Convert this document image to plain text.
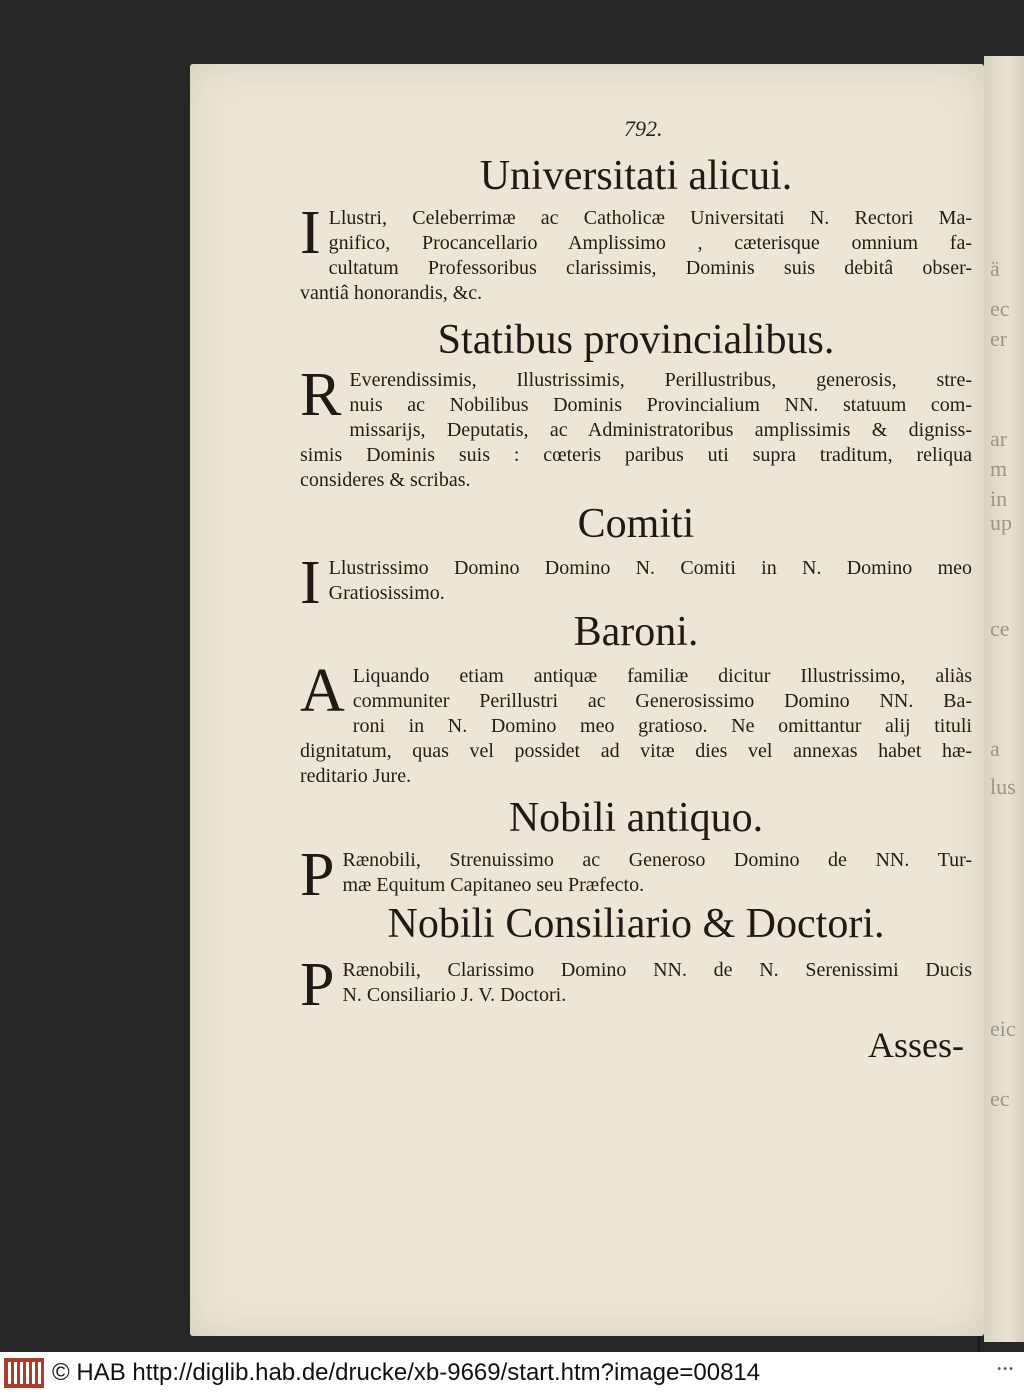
ä
ec
er
ar
m
in
up
ce
a
lus
eic
ec
792.
Universitati alicui.
I Llustri, Celeberrimæ ac Catholicæ Universitati N. Rectori Ma-
gnifico, Procancellario Amplissimo , cæterisque omnium fa-
cultatum Professoribus clarissimis, Dominis suis debitâ obser-
vantiâ honorandis, &c.
Statibus provincialibus.
R Everendissimis, Illustrissimis, Perillustribus, generosis, stre-
nuis ac Nobilibus Dominis Provincialium NN. statuum com-
missarijs, Deputatis, ac Administratoribus amplissimis & digniss-
simis Dominis suis : cœteris paribus uti supra traditum, reliqua
consideres & scribas.
Comiti
I Llustrissimo Domino Domino N. Comiti in N. Domino meo
Gratiosissimo.
Baroni.
A Liquando etiam antiquæ familiæ dicitur Illustrissimo, aliàs
communiter Perillustri ac Generosissimo Domino NN. Ba-
roni in N. Domino meo gratioso. Ne omittantur alij tituli
dignitatum, quas vel possidet ad vitæ dies vel annexas habet hæ-
reditario Jure.
Nobili antiquo.
P Rænobili, Strenuissimo ac Generoso Domino de NN. Tur-
mæ Equitum Capitaneo seu Præfecto.
Nobili Consiliario & Doctori.
P Rænobili, Clarissimo Domino NN. de N. Serenissimi Ducis
N. Consiliario J. V. Doctori.
Asses-
© HAB http://diglib.hab.de/drucke/xb-9669/start.htm?image=00814	•••
